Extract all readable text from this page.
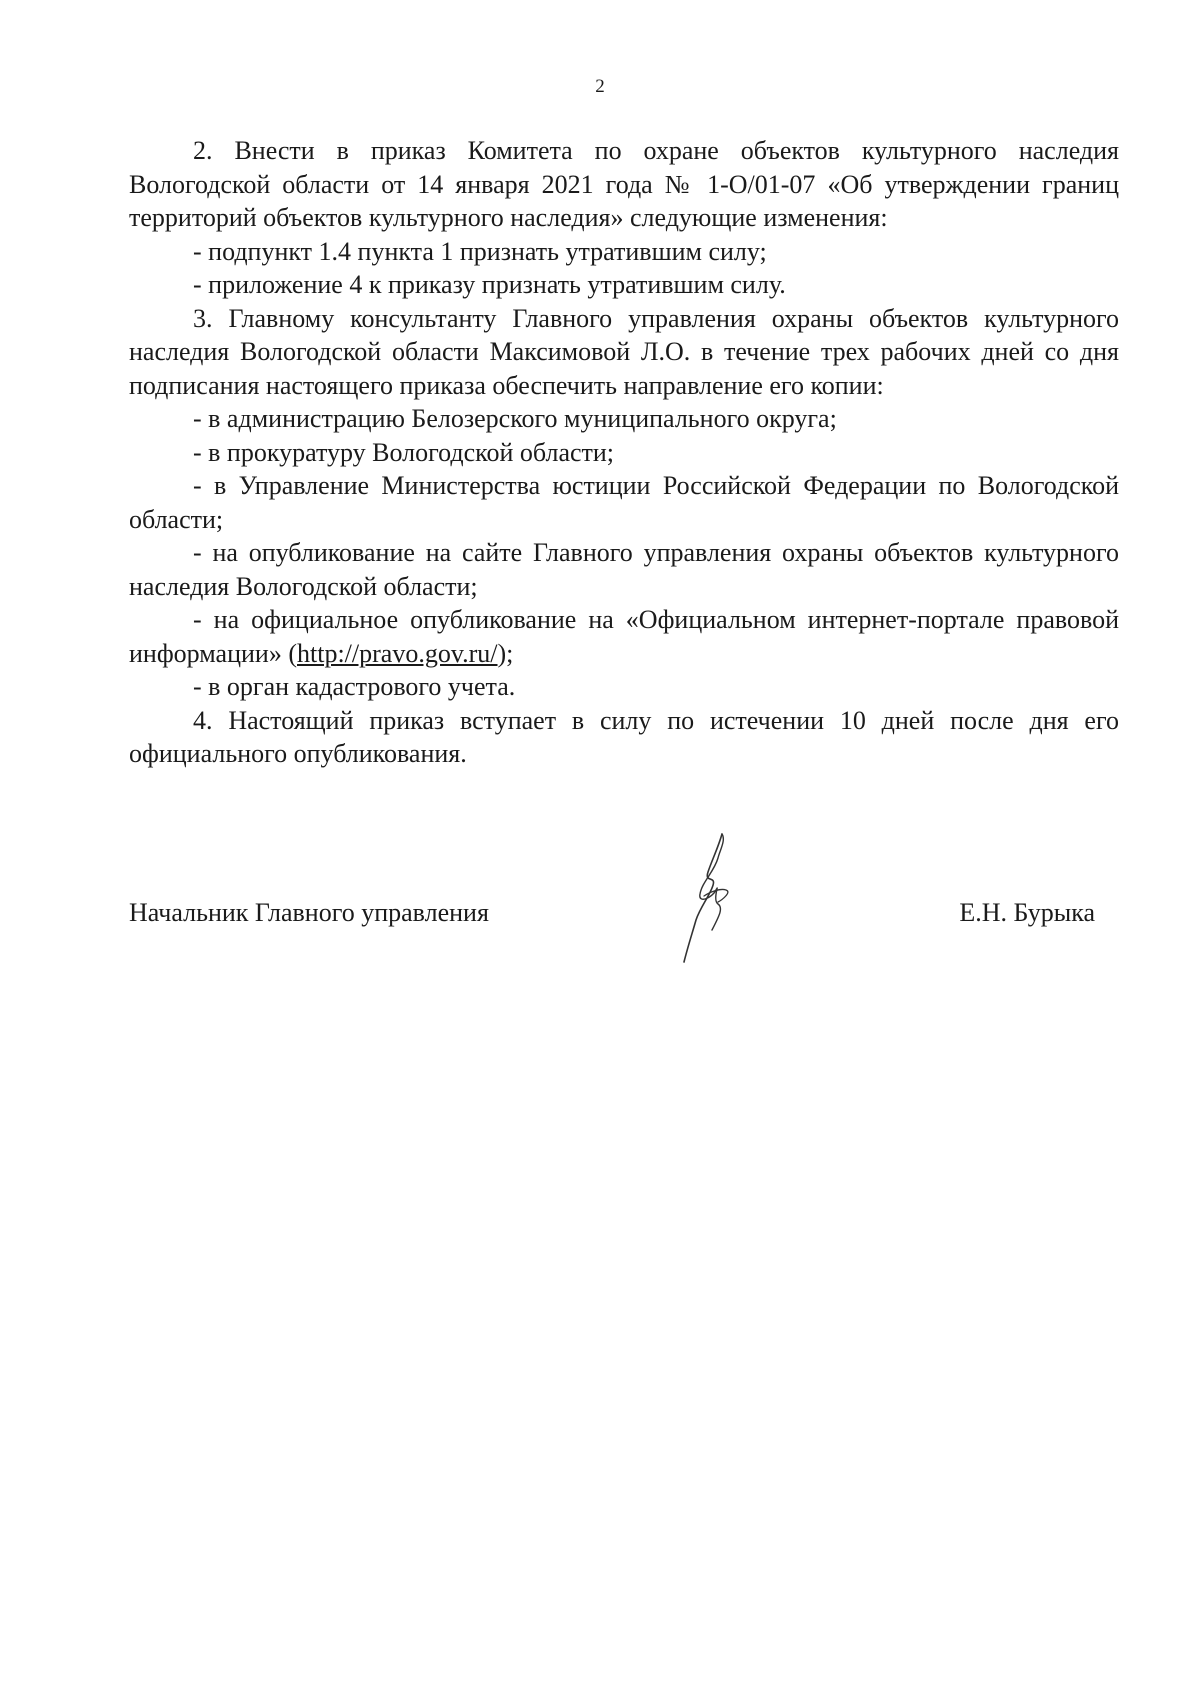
2

2. Внести в приказ Комитета по охране объектов культурного наследия Вологодской области от 14 января 2021 года № 1-О/01-07 «Об утверждении границ территорий объектов культурного наследия» следующие изменения:

- подпункт 1.4 пункта 1 признать утратившим силу;

- приложение 4 к приказу признать утратившим силу.

3. Главному консультанту Главного управления охраны объектов культурного наследия Вологодской области Максимовой Л.О. в течение трех рабочих дней со дня подписания настоящего приказа обеспечить направление его копии:

- в администрацию Белозерского муниципального округа;

- в прокуратуру Вологодской области;

- в Управление Министерства юстиции Российской Федерации по Вологодской области;

- на опубликование на сайте Главного управления охраны объектов культурного наследия Вологодской области;

- на официальное опубликование на «Официальном интернет-портале правовой информации» (http://pravo.gov.ru/);

- в орган кадастрового учета.

4. Настоящий приказ вступает в силу по истечении 10 дней после дня его официального опубликования.

Начальник Главного управления	Е.Н. Бурыка
